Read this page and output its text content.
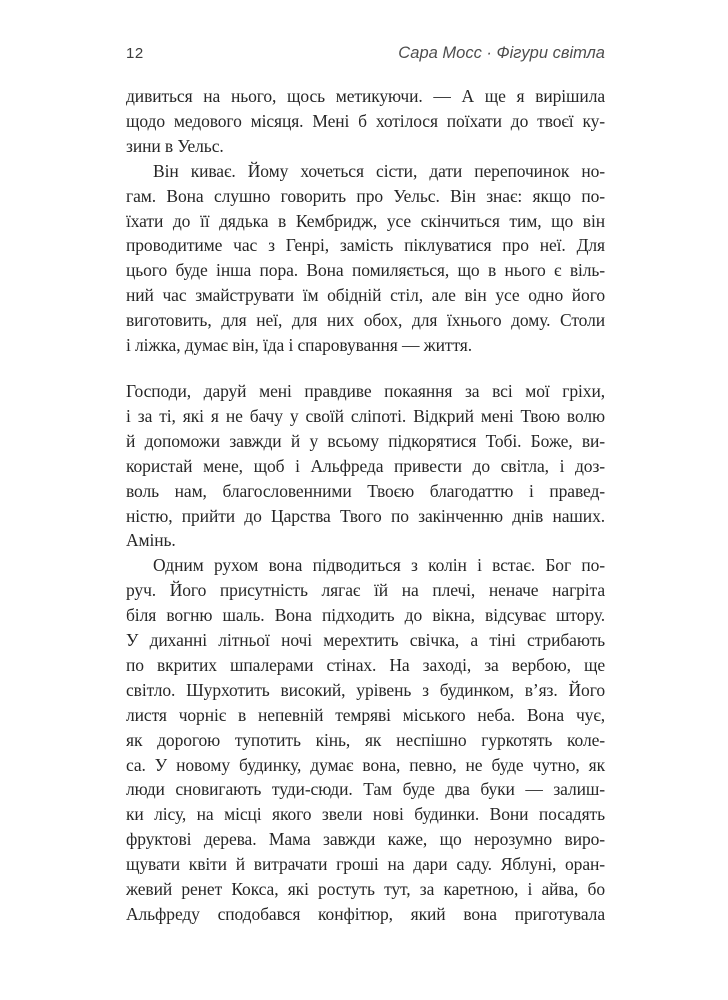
12	Сара Мосс · Фігури світла
дивиться на нього, щось метикуючи. — А ще я вирішила
щодо медового місяця. Мені б хотілося поїхати до твоєї ку-
зини в Уельс.
Він киває. Йому хочеться сісти, дати перепочинок но-
гам. Вона слушно говорить про Уельс. Він знає: якщо по-
їхати до її дядька в Кембридж, усе скінчиться тим, що він
проводитиме час з Генрі, замість піклуватися про неї. Для
цього буде інша пора. Вона помиляється, що в нього є віль-
ний час змайструвати їм обідній стіл, але він усе одно його
виготовить, для неї, для них обох, для їхнього дому. Столи
і ліжка, думає він, їда і спаровування — життя.
Господи, даруй мені правдиве покаяння за всі мої гріхи,
і за ті, які я не бачу у своїй сліпоті. Відкрий мені Твою волю
й допоможи завжди й у всьому підкорятися Тобі. Боже, ви-
користай мене, щоб і Альфреда привести до світла, і доз-
воль нам, благословенними Твоєю благодаттю і правед-
ністю, прийти до Царства Твого по закінченню днів наших.
Амінь.
Одним рухом вона підводиться з колін і встає. Бог по-
руч. Його присутність лягає їй на плечі, неначе нагріта
біля вогню шаль. Вона підходить до вікна, відсуває штору.
У диханні літньої ночі мерехтить свічка, а тіні стрибають
по вкритих шпалерами стінах. На заході, за вербою, ще
світло. Шурхотить високий, урівень з будинком, в’яз. Його
листя чорніє в непевній темряві міського неба. Вона чує,
як дорогою тупотить кінь, як неспішно гуркотять коле-
са. У новому будинку, думає вона, певно, не буде чутно, як
люди сновигають туди-сюди. Там буде два буки — залиш-
ки лісу, на місці якого звели нові будинки. Вони посадять
фруктові дерева. Мама завжди каже, що нерозумно виро-
щувати квіти й витрачати гроші на дари саду. Яблуні, оран-
жевий ренет Кокса, які ростуть тут, за каретною, і айва, бо
Альфреду сподобався конфітюр, який вона приготувала
